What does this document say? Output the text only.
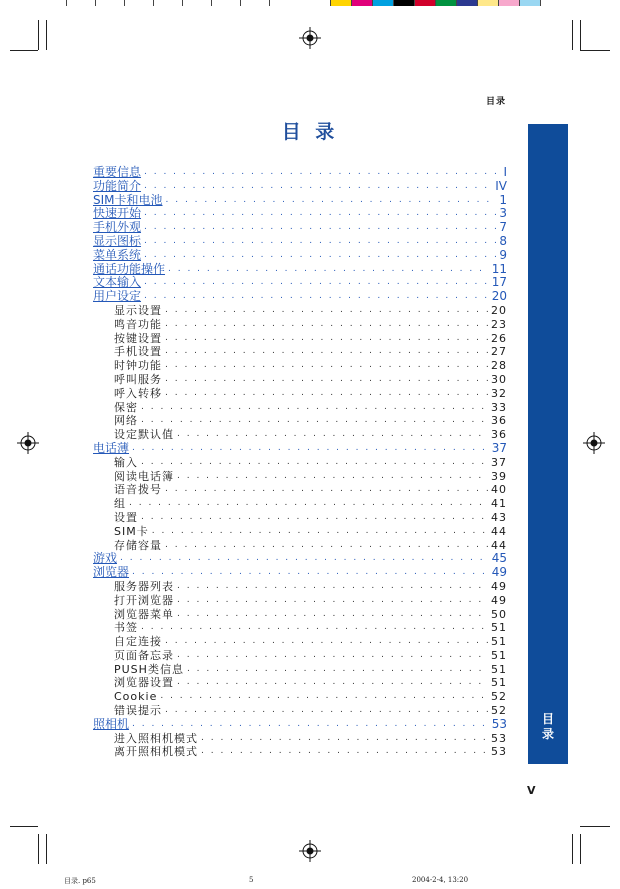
目录
目 录
目
录
重要信息 . . .	I
功能简介 . . .	IV
SIM卡和电池 . . .	1
快速开始 . . .	3
手机外观 . . .	7
显示图标 . . .	8
菜单系统 . . .	9
通话功能操作 . . .	11
文本输入 . . .	17
用户设定 . . .	20
显示设置 . . .	20
鸣音功能 . . .	23
按键设置 . . .	26
手机设置 . . .	27
时钟功能 . . .	28
呼叫服务 . . .	30
呼入转移 . . .	32
保密 . . .	33
网络 . . .	36
设定默认值 . . .	36
电话薄 . . .	37
输入 . . .	37
阅读电话簿 . . .	39
语音拨号 . . .	40
组 . . .	41
设置 . . .	43
SIM卡 . . .	44
存储容量 . . .	44
游戏 . . .	45
浏览器 . . .	49
服务器列表 . . .	49
打开浏览器 . . .	49
浏览器菜单 . . .	50
书签 . . .	51
自定连接 . . .	51
页面备忘录 . . .	51
PUSH类信息 . . .	51
浏览器设置 . . .	51
Cookie . . .	52
错误提示 . . .	52
照相机 . . .	53
进入照相机模式 . . .	53
离开照相机模式 . . .	53
V
目录. p65	5	2004-2-4, 13:20
